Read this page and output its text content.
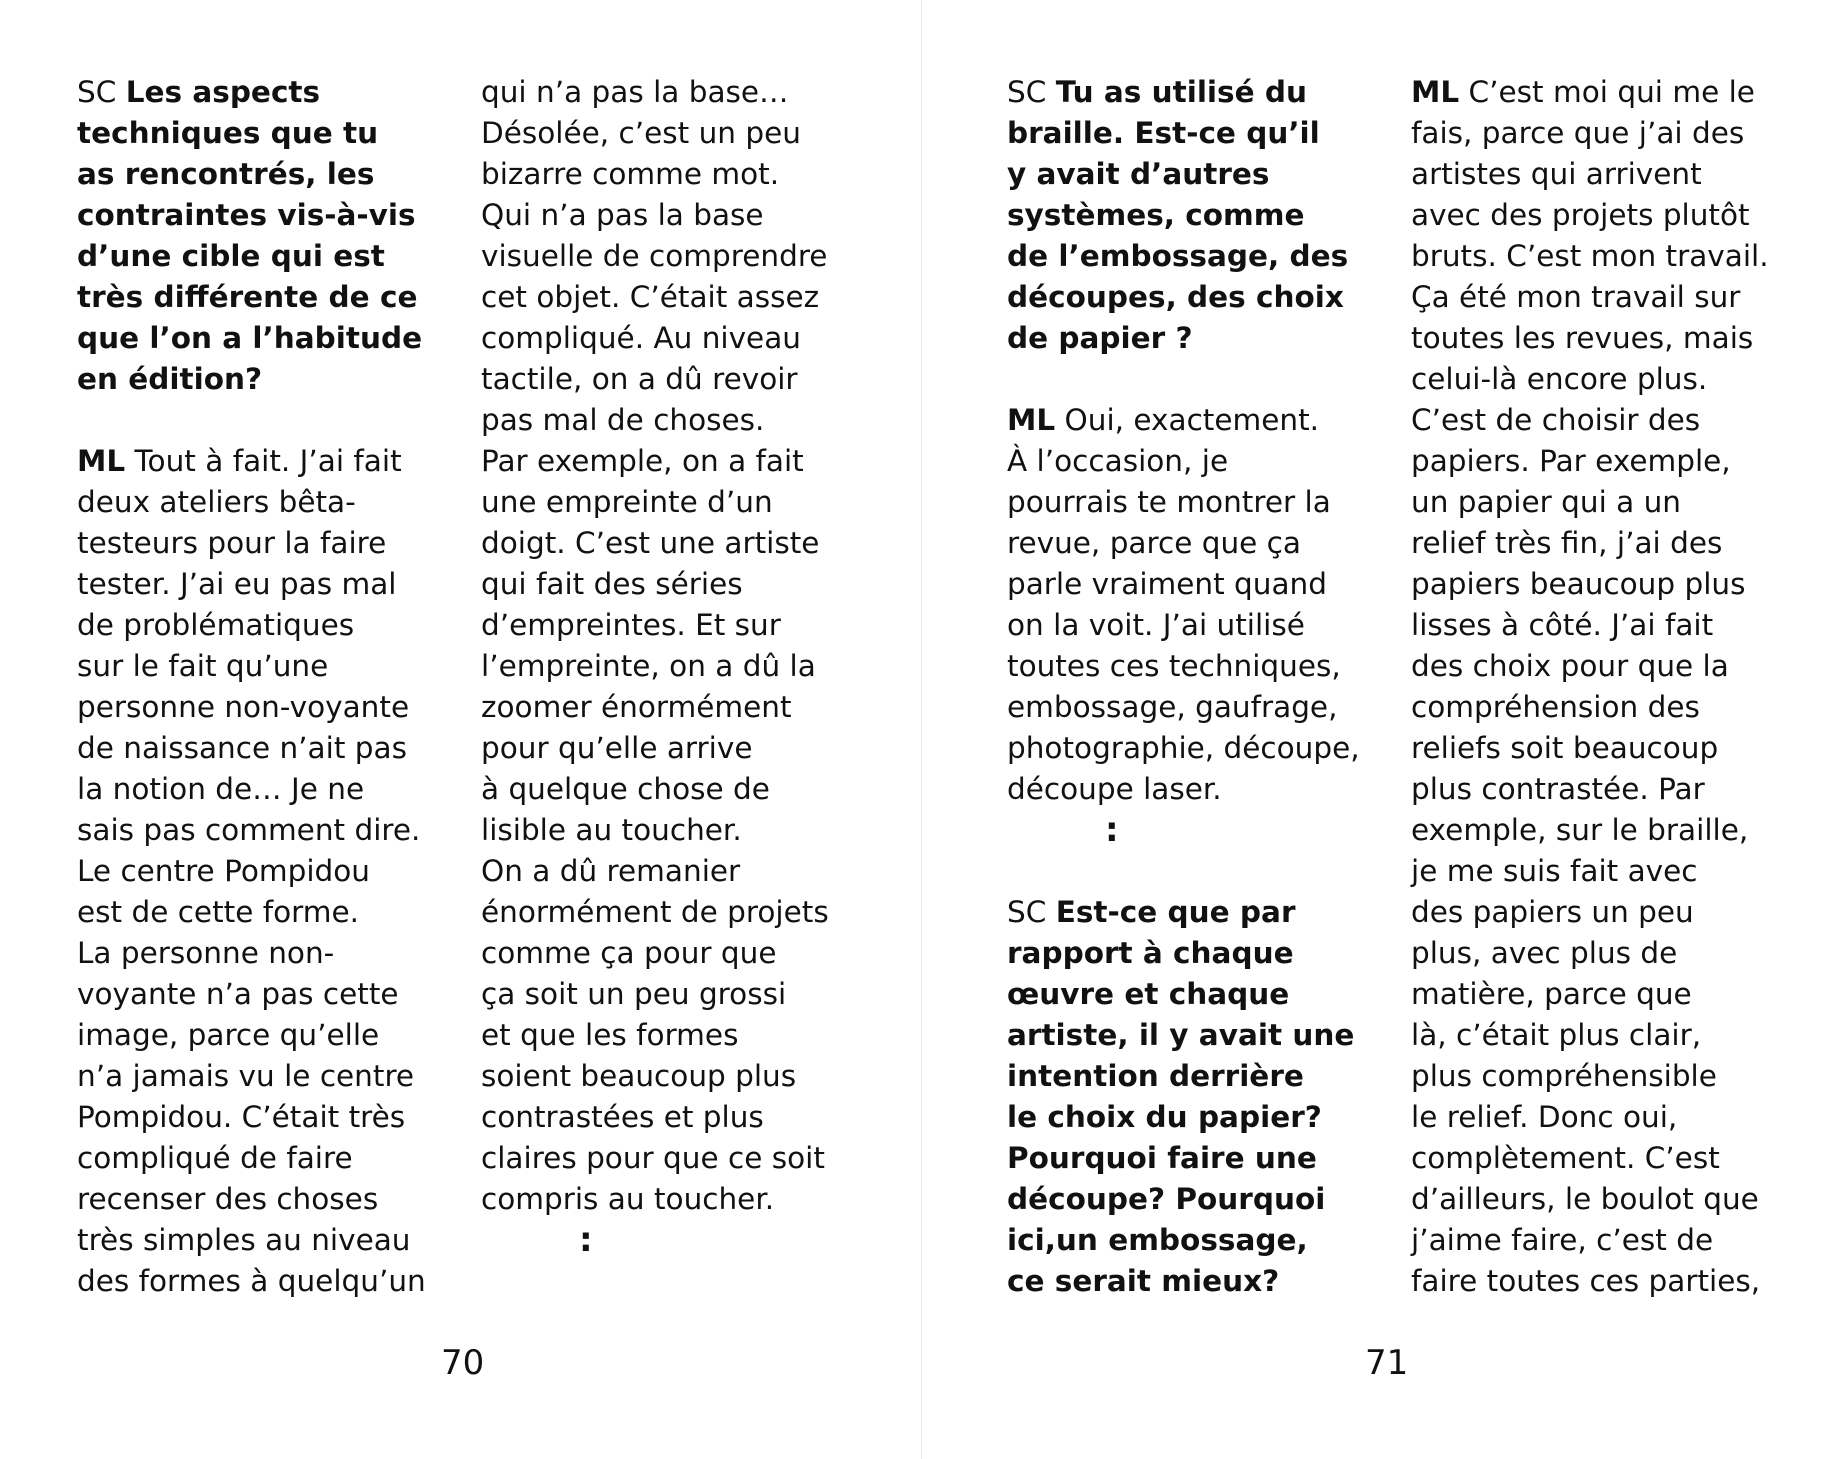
SC Les aspects
techniques que tu
as rencontrés, les
contraintes vis-à-vis
d’une cible qui est
très différente de ce
que l’on a l’habitude
en édition?
ML Tout à fait. J’ai fait
deux ateliers bêta-
testeurs pour la faire
tester. J’ai eu pas mal
de problématiques
sur le fait qu’une
personne non-voyante
de naissance n’ait pas
la notion de… Je ne
sais pas comment dire.
Le centre Pompidou
est de cette forme.
La personne non-
voyante n’a pas cette
image, parce qu’elle
n’a jamais vu le centre
Pompidou. C’était très
compliqué de faire
recenser des choses
très simples au niveau
des formes à quelqu’un
qui n’a pas la base…
Désolée, c’est un peu
bizarre comme mot.
Qui n’a pas la base
visuelle de comprendre
cet objet. C’était assez
compliqué. Au niveau
tactile, on a dû revoir
pas mal de choses.
Par exemple, on a fait
une empreinte d’un
doigt. C’est une artiste
qui fait des séries
d’empreintes. Et sur
l’empreinte, on a dû la
zoomer énormément
pour qu’elle arrive
à quelque chose de
lisible au toucher.
On a dû remanier
énormément de projets
comme ça pour que
ça soit un peu grossi
et que les formes
soient beaucoup plus
contrastées et plus
claires pour que ce soit
compris au toucher.
:
70
SC Tu as utilisé du
braille. Est-ce qu’il
y avait d’autres
systèmes, comme
de l’embossage, des
découpes, des choix
de papier ?
ML Oui, exactement.
À l’occasion, je
pourrais te montrer la
revue, parce que ça
parle vraiment quand
on la voit. J’ai utilisé
toutes ces techniques,
embossage, gaufrage,
photographie, découpe,
découpe laser.
:
SC Est-ce que par
rapport à chaque
œuvre et chaque
artiste, il y avait une
intention derrière
le choix du papier?
Pourquoi faire une
découpe? Pourquoi
ici,un embossage,
ce serait mieux?
ML C’est moi qui me le
fais, parce que j’ai des
artistes qui arrivent
avec des projets plutôt
bruts. C’est mon travail.
Ça été mon travail sur
toutes les revues, mais
celui-là encore plus.
C’est de choisir des
papiers. Par exemple,
un papier qui a un
relief très fin, j’ai des
papiers beaucoup plus
lisses à côté. J’ai fait
des choix pour que la
compréhension des
reliefs soit beaucoup
plus contrastée. Par
exemple, sur le braille,
je me suis fait avec
des papiers un peu
plus, avec plus de
matière, parce que
là, c’était plus clair,
plus compréhensible
le relief. Donc oui,
complètement. C’est
d’ailleurs, le boulot que
j’aime faire, c’est de
faire toutes ces parties,
71
